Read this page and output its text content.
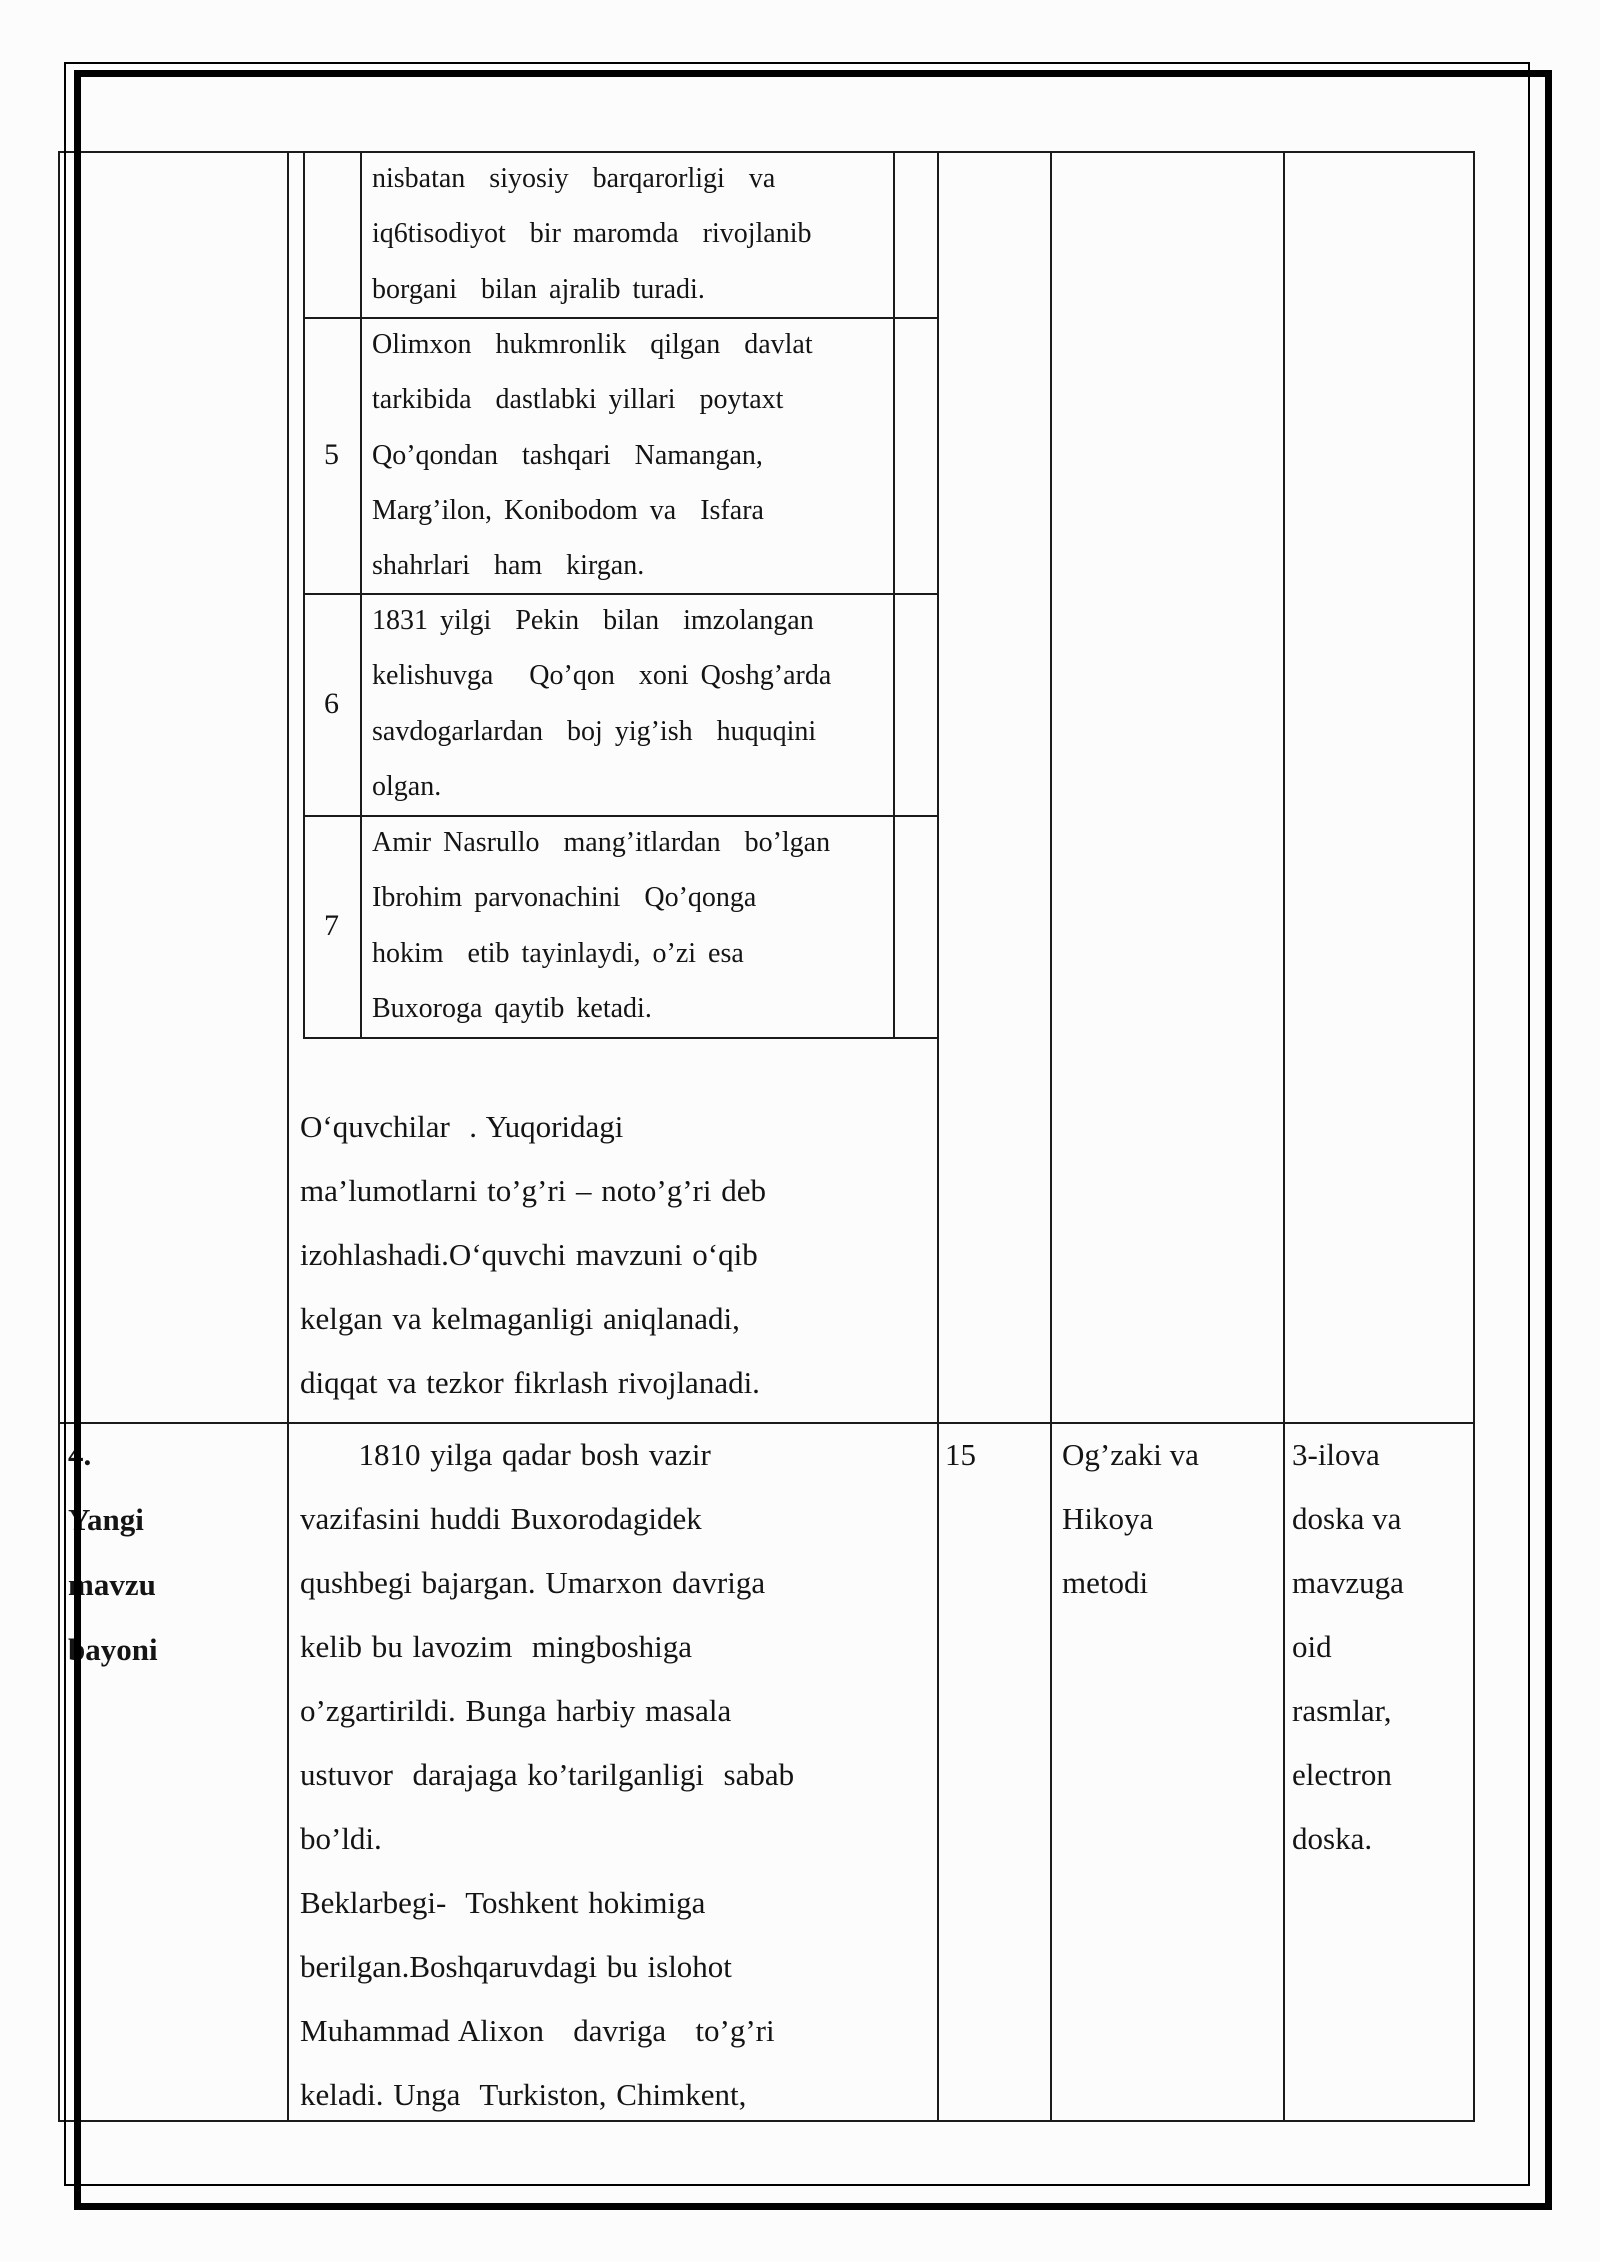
nisbatan  siyosiy  barqarorligi  va
iq6tisodiyot  bir maromda  rivojlanib
borgani  bilan ajralib turadi.
5
Olimxon  hukmronlik  qilgan  davlat
tarkibida  dastlabki yillari  poytaxt
Qo’qondan  tashqari  Namangan,
Marg’ilon, Konibodom va  Isfara
shahrlari  ham  kirgan.
6
1831 yilgi  Pekin  bilan  imzolangan
kelishuvga   Qo’qon  xoni Qoshg’arda
savdogarlardan  boj yig’ish  huquqini
olgan.
7
Amir Nasrullo  mang’itlardan  bo’lgan
Ibrohim parvonachini  Qo’qonga
hokim  etib tayinlaydi, o’zi esa
Buxoroga qaytib ketadi.
O‘quvchilar  . Yuqoridagi
ma’lumotlarni to’g’ri – noto’g’ri deb
izohlashadi.O‘quvchi mavzuni o‘qib
kelgan va kelmaganligi aniqlanadi,
diqqat va tezkor fikrlash rivojlanadi.
4.
Yangi
mavzu
bayoni
1810 yilga qadar bosh vazir
vazifasini huddi Buxorodagidek
qushbegi bajargan. Umarxon davriga
kelib bu lavozim  mingboshiga
o’zgartirildi. Bunga harbiy masala
ustuvor  darajaga ko’tarilganligi  sabab
bo’ldi.
Beklarbegi-  Toshkent hokimiga
berilgan.Boshqaruvdagi bu islohot
Muhammad Alixon   davriga   to’g’ri
keladi. Unga  Turkiston, Chimkent,
15	Og’zaki va
Hikoya
metodi
3-ilova
doska va
mavzuga
oid
rasmlar,
electron
doska.
